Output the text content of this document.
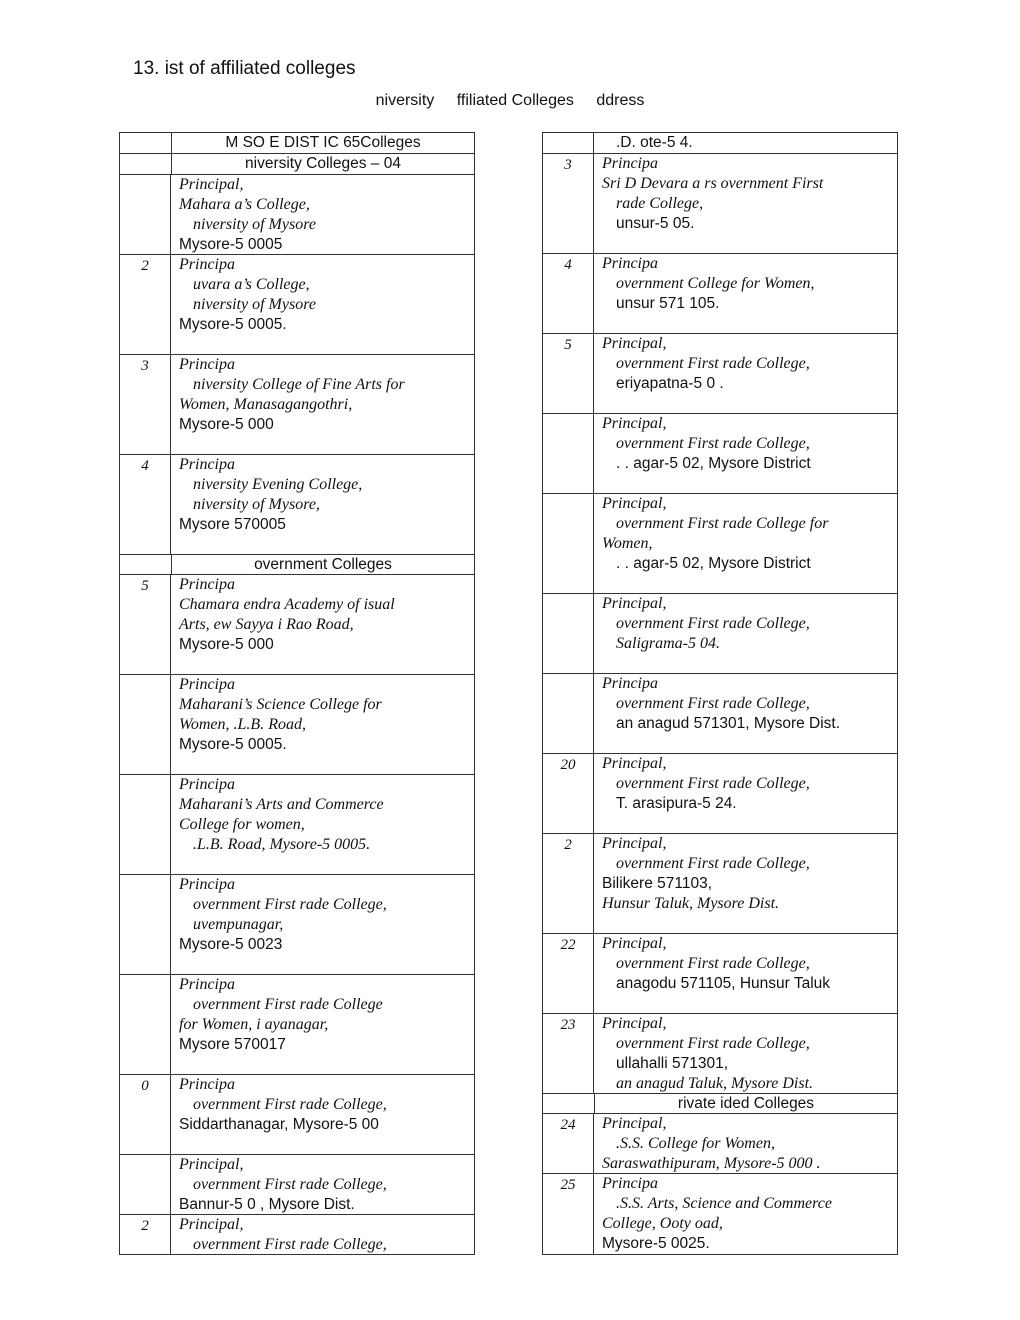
13. ist of affiliated colleges
niversity ffiliated Colleges ddress
M SO E DIST IC 65Colleges
niversity Colleges – 04
Principal,
Mahara a’s College,
niversity of Mysore
Mysore-5 0005
2	Principa
uvara a’s College,
niversity of Mysore
Mysore-5 0005.
3	Principa
niversity College of Fine Arts for
Women, Manasagangothri,
Mysore-5 000
4	Principa
niversity Evening College,
niversity of Mysore,
Mysore 570005
overnment Colleges
5	Principa
Chamara endra Academy of isual
Arts, ew Sayya i Rao Road,
Mysore-5 000
Principa
Maharani’s Science College for
Women, .L.B. Road,
Mysore-5 0005.
Principa
Maharani’s Arts and Commerce
College for women,
.L.B. Road, Mysore-5 0005.
Principa
overnment First rade College,
uvempunagar,
Mysore-5 0023
Principa
overnment First rade College
for Women, i ayanagar,
Mysore 570017
0	Principa
overnment First rade College,
Siddarthanagar, Mysore-5 00
Principal,
overnment First rade College,
Bannur-5 0 , Mysore Dist.
2	Principal,
overnment First rade College,
.D. ote-5 4.
3	Principa
Sri D Devara a rs overnment First
rade College,
unsur-5 05.
4	Principa
overnment College for Women,
unsur 571 105.
5	Principal,
overnment First rade College,
eriyapatna-5 0 .
Principal,
overnment First rade College,
. . agar-5 02, Mysore District
Principal,
overnment First rade College for
Women,
. . agar-5 02, Mysore District
Principal,
overnment First rade College,
Saligrama-5 04.
Principa
overnment First rade College,
an anagud 571301, Mysore Dist.
20	Principal,
overnment First rade College,
T. arasipura-5 24.
2	Principal,
overnment First rade College,
Bilikere 571103,
Hunsur Taluk, Mysore Dist.
22	Principal,
overnment First rade College,
anagodu 571105, Hunsur Taluk
23	Principal,
overnment First rade College,
ullahalli 571301,
an anagud Taluk, Mysore Dist.
rivate ided Colleges
24	Principal,
.S.S. College for Women,
Saraswathipuram, Mysore-5 000 .
25	Principa
.S.S. Arts, Science and Commerce
College, Ooty oad,
Mysore-5 0025.
